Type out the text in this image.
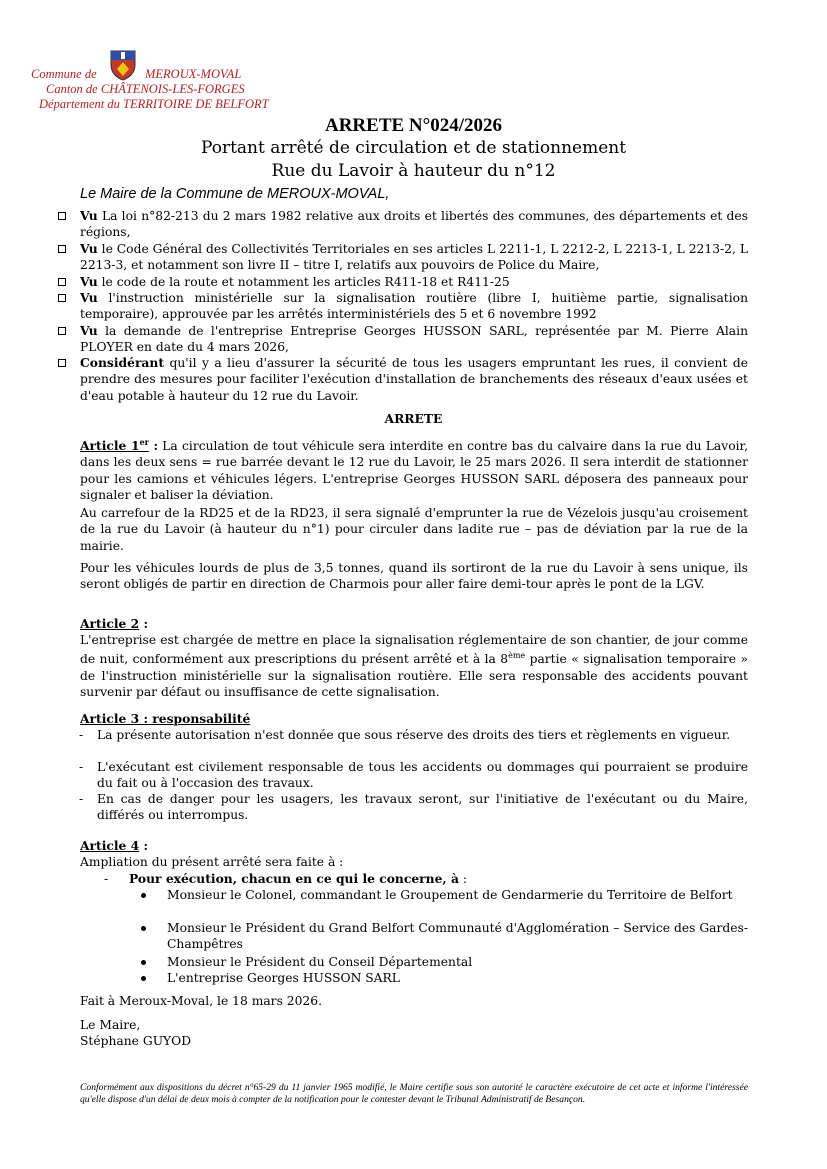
Commune de	MEROUX-MOVAL
Canton de CHÂTENOIS-LES-FORGES
Département du TERRITOIRE DE BELFORT
ARRETE N°024/2026
Portant arrêté de circulation et de stationnement
Rue du Lavoir à hauteur du n°12
Le Maire de la Commune de MEROUX-MOVAL,
Vu La loi n°82-213 du 2 mars 1982 relative aux droits et libertés des communes, des départements et des régions,
Vu le Code Général des Collectivités Territoriales en ses articles L 2211-1, L 2212-2, L 2213-1, L 2213-2, L 2213-3, et notamment son livre II – titre I, relatifs aux pouvoirs de Police du Maire,
Vu le code de la route et notamment les articles R411-18 et R411-25
Vu l'instruction ministérielle sur la signalisation routière (libre I, huitième partie, signalisation temporaire), approuvée par les arrêtés interministériels des 5 et 6 novembre 1992
Vu la demande de l'entreprise Entreprise Georges HUSSON SARL, représentée par M. Pierre Alain PLOYER en date du 4 mars 2026,
Considérant qu'il y a lieu d'assurer la sécurité de tous les usagers empruntant les rues, il convient de prendre des mesures pour faciliter l'exécution d'installation de branchements des réseaux d'eaux usées et d'eau potable à hauteur du 12 rue du Lavoir.
ARRETE
Article 1er : La circulation de tout véhicule sera interdite en contre bas du calvaire dans la rue du Lavoir, dans les deux sens = rue barrée devant le 12 rue du Lavoir, le 25 mars 2026. Il sera interdit de stationner pour les camions et véhicules légers. L'entreprise Georges HUSSON SARL déposera des panneaux pour signaler et baliser la déviation.
Au carrefour de la RD25 et de la RD23, il sera signalé d'emprunter la rue de Vézelois jusqu'au croisement de la rue du Lavoir (à hauteur du n°1) pour circuler dans ladite rue – pas de déviation par la rue de la mairie.
Pour les véhicules lourds de plus de 3,5 tonnes, quand ils sortiront de la rue du Lavoir à sens unique, ils seront obligés de partir en direction de Charmois pour aller faire demi-tour après le pont de la LGV.
Article 2 :
L'entreprise est chargée de mettre en place la signalisation réglementaire de son chantier, de jour comme de nuit, conformément aux prescriptions du présent arrêté et à la 8ème partie « signalisation temporaire » de l'instruction ministérielle sur la signalisation routière. Elle sera responsable des accidents pouvant survenir par défaut ou insuffisance de cette signalisation.
Article 3 : responsabilité
- La présente autorisation n'est donnée que sous réserve des droits des tiers et règlements en vigueur.
- L'exécutant est civilement responsable de tous les accidents ou dommages qui pourraient se produire du fait ou à l'occasion des travaux.
- En cas de danger pour les usagers, les travaux seront, sur l'initiative de l'exécutant ou du Maire, différés ou interrompus.
Article 4 :
Ampliation du présent arrêté sera faite à :
- Pour exécution, chacun en ce qui le concerne, à :
Monsieur le Colonel, commandant le Groupement de Gendarmerie du Territoire de Belfort
Monsieur le Président du Grand Belfort Communauté d'Agglomération – Service des Gardes-Champêtres
Monsieur le Président du Conseil Départemental
L'entreprise Georges HUSSON SARL
Fait à Meroux-Moval, le 18 mars 2026.
Le Maire,
Stéphane GUYOD
Conformément aux dispositions du décret n°65-29 du 11 janvier 1965 modifié, le Maire certifie sous son autorité le caractère exécutoire de cet acte et informe l'intéressée qu'elle dispose d'un délai de deux mois à compter de la notification pour le contester devant le Tribunal Administratif de Besançon.
